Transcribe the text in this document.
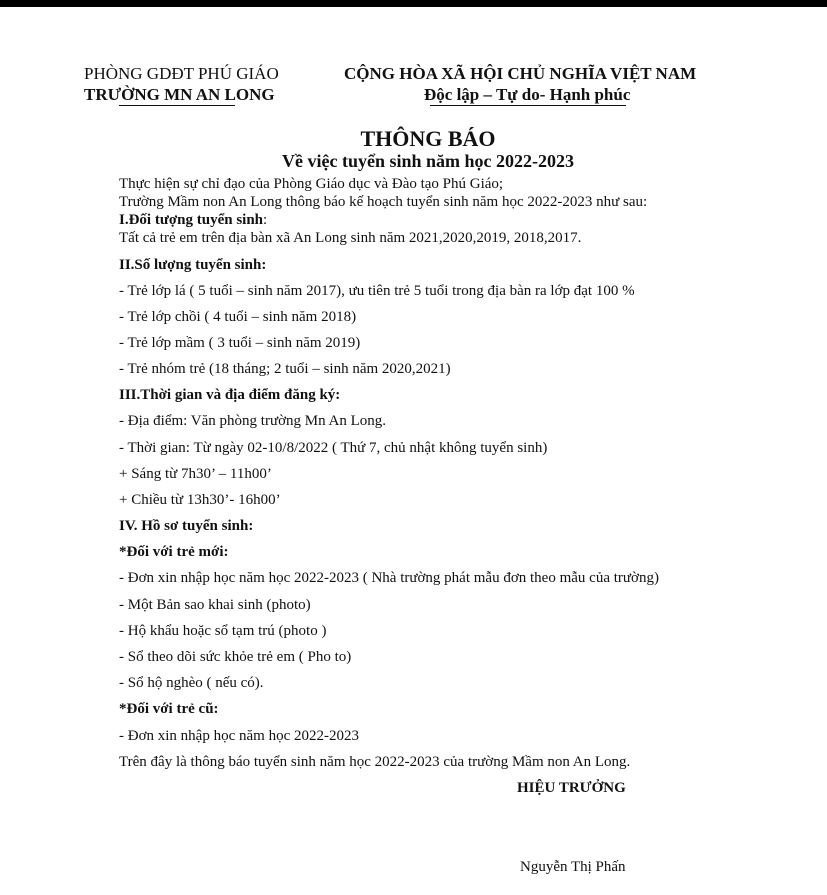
PHÒNG GDĐT PHÚ GIÁO
TRƯỜNG MN AN LONG
CỘNG HÒA XÃ HỘI CHỦ NGHĨA VIỆT NAM
Độc lập – Tự do- Hạnh phúc
THÔNG BÁO
Về việc tuyển sinh năm học 2022-2023
Thực hiện sự chỉ đạo của Phòng Giáo dục và Đào tạo Phú Giáo;
Trường Mầm non An Long thông báo kế hoạch tuyển sinh năm học 2022-2023 như sau:
I.Đối tượng tuyển sinh:
Tất cả trẻ em trên địa bàn xã An Long sinh năm 2021,2020,2019, 2018,2017.
II.Số lượng tuyển sinh:
- Trẻ lớp lá ( 5 tuổi – sinh năm 2017), ưu tiên trẻ 5 tuổi trong địa bàn ra lớp đạt 100 %
- Trẻ lớp chồi ( 4 tuổi – sinh năm 2018)
- Trẻ lớp mầm ( 3 tuổi – sinh năm 2019)
- Trẻ nhóm trẻ (18 tháng; 2 tuổi – sinh năm 2020,2021)
III.Thời gian và địa điểm đăng ký:
- Địa điểm: Văn phòng trường Mn An Long.
- Thời gian: Từ ngày 02-10/8/2022 ( Thứ 7, chủ nhật không tuyển sinh)
+ Sáng từ 7h30’ – 11h00’
+ Chiều từ 13h30’- 16h00’
IV. Hồ sơ tuyển sinh:
*Đối với trẻ mới:
- Đơn xin nhập học năm học 2022-2023 ( Nhà trường phát mẫu đơn theo mẫu của trường)
- Một Bản sao khai sinh (photo)
- Hộ khẩu hoặc sổ tạm trú (photo )
- Sổ theo dõi sức khỏe trẻ em ( Pho to)
- Sổ hộ nghèo ( nếu có).
*Đối với trẻ cũ:
- Đơn xin nhập học năm học 2022-2023
Trên đây là thông báo tuyển sinh năm học 2022-2023 của trường Mầm non An Long.
HIỆU TRƯỞNG
Nguyễn Thị Phấn
